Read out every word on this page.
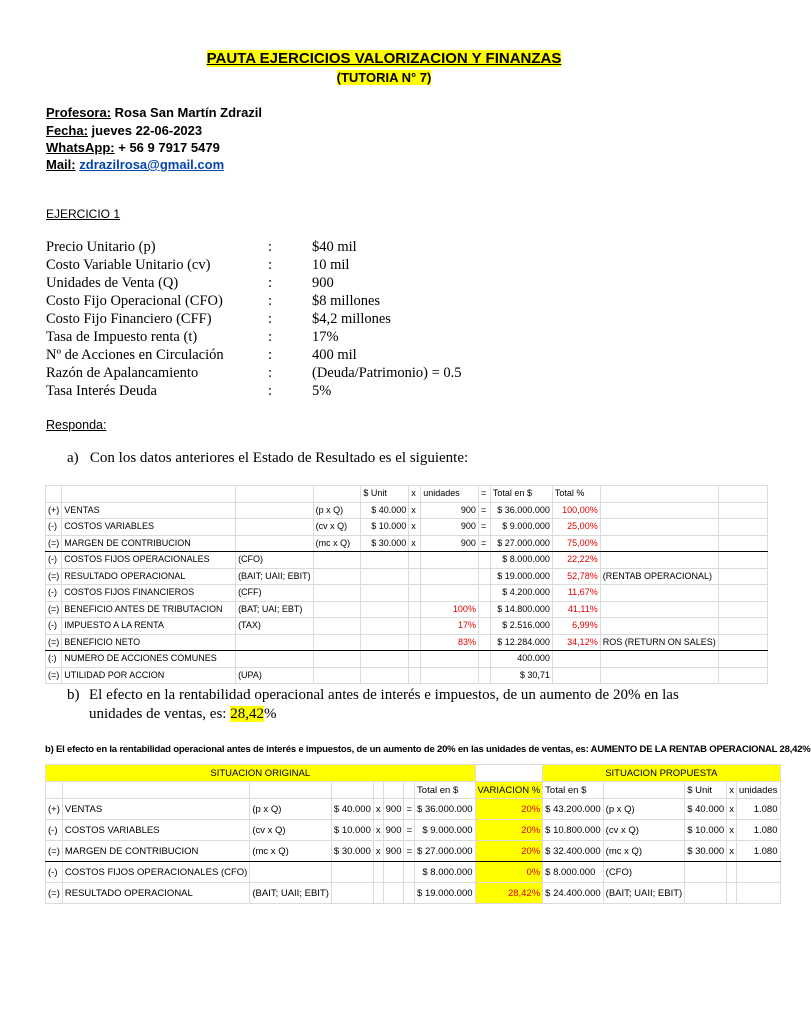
PAUTA EJERCICIOS VALORIZACION Y FINANZAS
(TUTORIA N° 7)
Profesora: Rosa San Martín Zdrazil
Fecha: jueves 22-06-2023
WhatsApp: + 56 9 7917 5479
Mail: zdrazilrosa@gmail.com
EJERCICIO 1
Precio Unitario (p)	:	$40 mil
Costo Variable Unitario (cv)	:	10 mil
Unidades de Venta (Q)	:	900
Costo Fijo Operacional (CFO)	:	$8 millones
Costo Fijo Financiero (CFF)	:	$4,2 millones
Tasa de Impuesto renta (t)	:	17%
Nº de Acciones en Circulación	:	400 mil
Razón de Apalancamiento	:	(Deuda/Patrimonio) = 0.5
Tasa Interés Deuda	:	5%
Responda:
a) Con los datos anteriores el Estado de Resultado es el siguiente:
				$ Unit	x	unidades	=	Total en $	Total %		
(+)	VENTAS		(p x Q)	$ 40.000	x	900	=	$ 36.000.000	100,00%		
(-)	COSTOS VARIABLES		(cv x Q)	$ 10.000	x	900	=	$ 9.000.000	25,00%		
(=)	MARGEN DE CONTRIBUCION		(mc x Q)	$ 30.000	x	900	=	$ 27.000.000	75,00%		
(-)	COSTOS FIJOS OPERACIONALES	(CFO)						$ 8.000.000	22,22%		
(=)	RESULTADO OPERACIONAL	(BAIT; UAII; EBIT)						$ 19.000.000	52,78%	(RENTAB OPERACIONAL)	
(-)	COSTOS FIJOS FINANCIEROS	(CFF)						$ 4.200.000	11,67%		
(=)	BENEFICIO ANTES DE TRIBUTACION	(BAT; UAI; EBT)				100%		$ 14.800.000	41,11%		
(-)	IMPUESTO A LA RENTA	(TAX)				17%		$ 2.516.000	6,99%		
(=)	BENEFICIO NETO					83%		$ 12.284.000	34,12%	ROS (RETURN ON SALES)	
(:)	NUMERO DE ACCIONES COMUNES							400.000			
(=)	UTILIDAD POR ACCION	(UPA)						$ 30,71			
b) El efecto en la rentabilidad operacional antes de interés e impuestos, de un aumento de 20% en las unidades de ventas, es: 28,42%
b) El efecto en la rentabilidad operacional antes de interés e impuestos, de un aumento de 20% en las unidades de ventas, es: AUMENTO DE LA RENTAB OPERACIONAL 28,42%
SITUACION ORIGINAL									SITUACION PROPUESTA				
							Total en $	VARIACION %	Total en $		$ Unit	x	unidades
(+)	VENTAS	(p x Q)	$ 40.000	x	900	=	$ 36.000.000	20%	$ 43.200.000	(p x Q)	$ 40.000	x	1.080
(-)	COSTOS VARIABLES	(cv x Q)	$ 10.000	x	900	=	$ 9.000.000	20%	$ 10.800.000	(cv x Q)	$ 10.000	x	1.080
(=)	MARGEN DE CONTRIBUCION	(mc x Q)	$ 30.000	x	900	=	$ 27.000.000	20%	$ 32.400.000	(mc x Q)	$ 30.000	x	1.080
(-)	COSTOS FIJOS OPERACIONALES (CFO)						$ 8.000.000	0%	$ 8.000.000	(CFO)			
(=)	RESULTADO OPERACIONAL	(BAIT; UAII; EBIT)					$ 19.000.000	28,42%	$ 24.400.000	(BAIT; UAII; EBIT)			
